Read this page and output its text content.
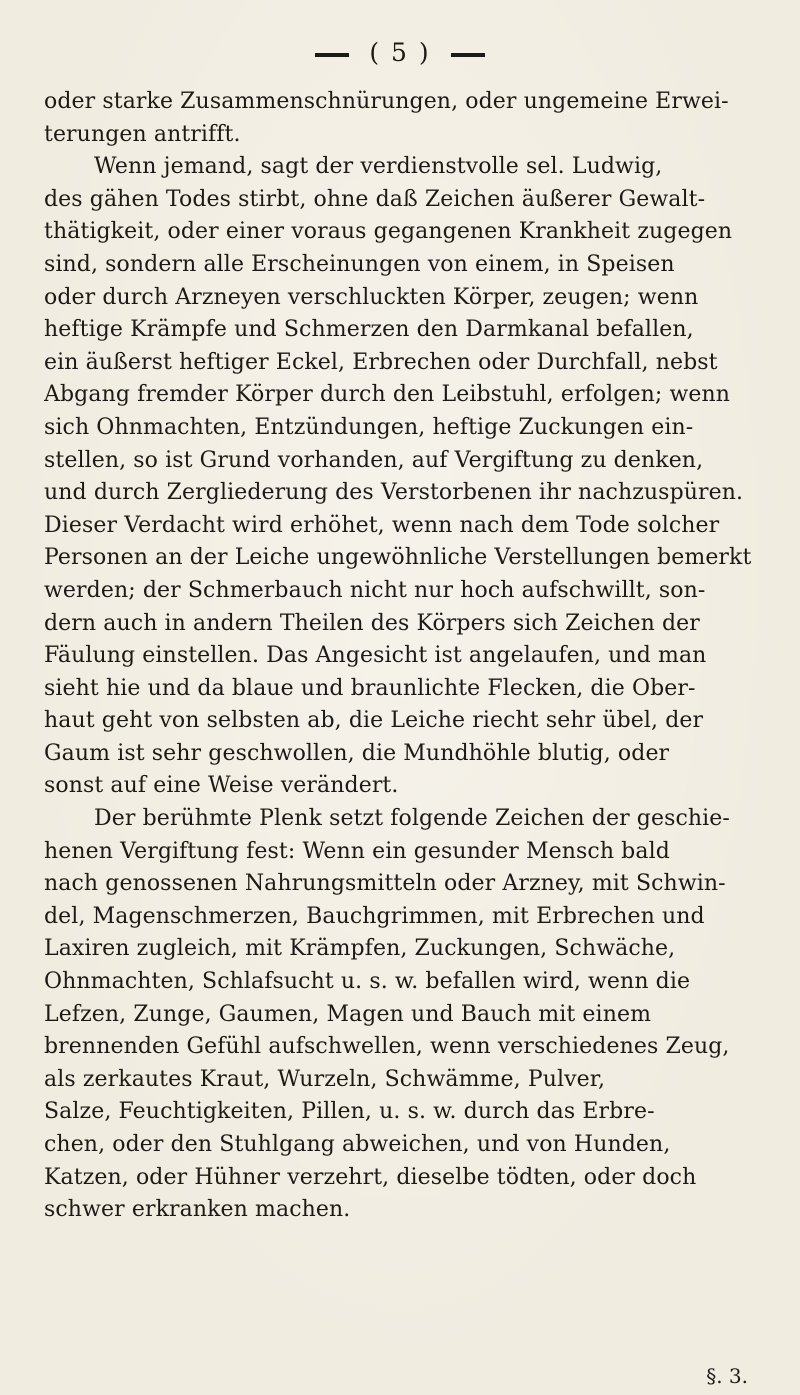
( 5 )
oder starke Zusammenschnürungen, oder ungemeine Erwei-
terungen antrifft.
Wenn jemand, sagt der verdienstvolle sel. Ludwig,
des gähen Todes stirbt, ohne daß Zeichen äußerer Gewalt-
thätigkeit, oder einer voraus gegangenen Krankheit zugegen
sind, sondern alle Erscheinungen von einem, in Speisen
oder durch Arzneyen verschluckten Körper, zeugen; wenn
heftige Krämpfe und Schmerzen den Darmkanal befallen,
ein äußerst heftiger Eckel, Erbrechen oder Durchfall, nebst
Abgang fremder Körper durch den Leibstuhl, erfolgen; wenn
sich Ohnmachten, Entzündungen, heftige Zuckungen ein-
stellen, so ist Grund vorhanden, auf Vergiftung zu denken,
und durch Zergliederung des Verstorbenen ihr nachzuspüren.
Dieser Verdacht wird erhöhet, wenn nach dem Tode solcher
Personen an der Leiche ungewöhnliche Verstellungen bemerkt
werden; der Schmerbauch nicht nur hoch aufschwillt, son-
dern auch in andern Theilen des Körpers sich Zeichen der
Fäulung einstellen. Das Angesicht ist angelaufen, und man
sieht hie und da blaue und braunlichte Flecken, die Ober-
haut geht von selbsten ab, die Leiche riecht sehr übel, der
Gaum ist sehr geschwollen, die Mundhöhle blutig, oder
sonst auf eine Weise verändert.
Der berühmte Plenk setzt folgende Zeichen der geschie-
henen Vergiftung fest: Wenn ein gesunder Mensch bald
nach genossenen Nahrungsmitteln oder Arzney, mit Schwin-
del, Magenschmerzen, Bauchgrimmen, mit Erbrechen und
Laxiren zugleich, mit Krämpfen, Zuckungen, Schwäche,
Ohnmachten, Schlafsucht u. s. w. befallen wird, wenn die
Lefzen, Zunge, Gaumen, Magen und Bauch mit einem
brennenden Gefühl aufschwellen, wenn verschiedenes Zeug,
als zerkautes Kraut, Wurzeln, Schwämme, Pulver,
Salze, Feuchtigkeiten, Pillen, u. s. w. durch das Erbre-
chen, oder den Stuhlgang abweichen, und von Hunden,
Katzen, oder Hühner verzehrt, dieselbe tödten, oder doch
schwer erkranken machen.
§. 3.
